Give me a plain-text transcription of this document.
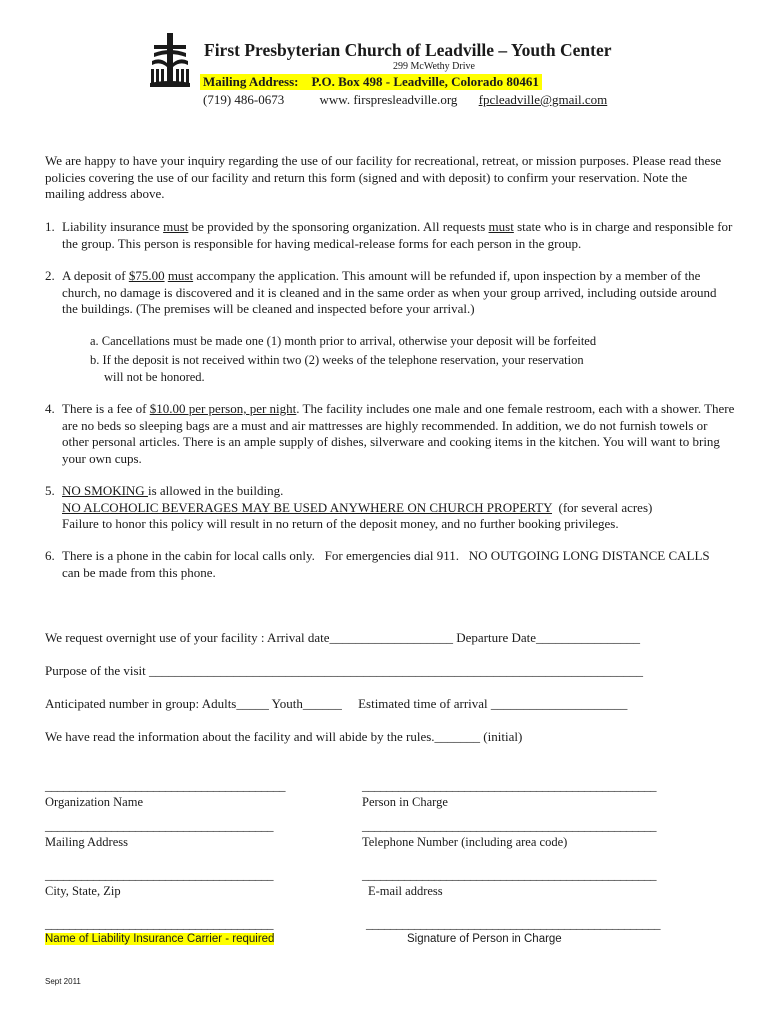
First Presbyterian Church of Leadville – Youth Center
299 McWethy Drive
Mailing Address:    P.O. Box 498 - Leadville, Colorado 80461
(719) 486-0673	www. firspresleadville.org fpcleadville@gmail.com
We are happy to have your inquiry regarding the use of our facility for recreational, retreat, or mission purposes. Please read these policies covering the use of our facility and return this form (signed and with deposit) to confirm your reservation. Note the mailing address above.
1. Liability insurance must be provided by the sponsoring organization. All requests must state who is in charge and responsible for the group. This person is responsible for having medical-release forms for each person in the group.
2. A deposit of $75.00 must accompany the application. This amount will be refunded if, upon inspection by a member of the church, no damage is discovered and it is cleaned and in the same order as when your group arrived, including outside around the buildings. (The premises will be cleaned and inspected before your arrival.)
a. Cancellations must be made one (1) month prior to arrival, otherwise your deposit will be forfeited
b. If the deposit is not received within two (2) weeks of the telephone reservation, your reservation
will not be honored.
4. There is a fee of $10.00 per person, per night. The facility includes one male and one female restroom, each with a shower. There are no beds so sleeping bags are a must and air mattresses are highly recommended. In addition, we do not furnish towels or other personal articles. There is an ample supply of dishes, silverware and cooking items in the kitchen. You will want to bring your own cups.
5. NO SMOKING is allowed in the building.
NO ALCOHOLIC BEVERAGES MAY BE USED ANYWHERE ON CHURCH PROPERTY  (for several acres)
Failure to honor this policy will result in no return of the deposit money, and no further booking privileges.
6. There is a phone in the cabin for local calls only.   For emergencies dial 911.   NO OUTGOING LONG DISTANCE CALLS can be made from this phone.
We request overnight use of your facility : Arrival date___________________ Departure Date________________
Purpose of the visit ____________________________________________________________________________
Anticipated number in group: Adults_____ Youth______     Estimated time of arrival _____________________
We have read the information about the facility and will abide by the rules._______ (initial)
________________________________________	_________________________________________________
Organization Name	Person in Charge
______________________________________	_________________________________________________
Mailing Address	Telephone Number (including area code)
______________________________________	_________________________________________________
City, State, Zip	E-mail address
______________________________________	_________________________________________________
Name of Liability Insurance Carrier - required	Signature of Person in Charge
Sept 2011
